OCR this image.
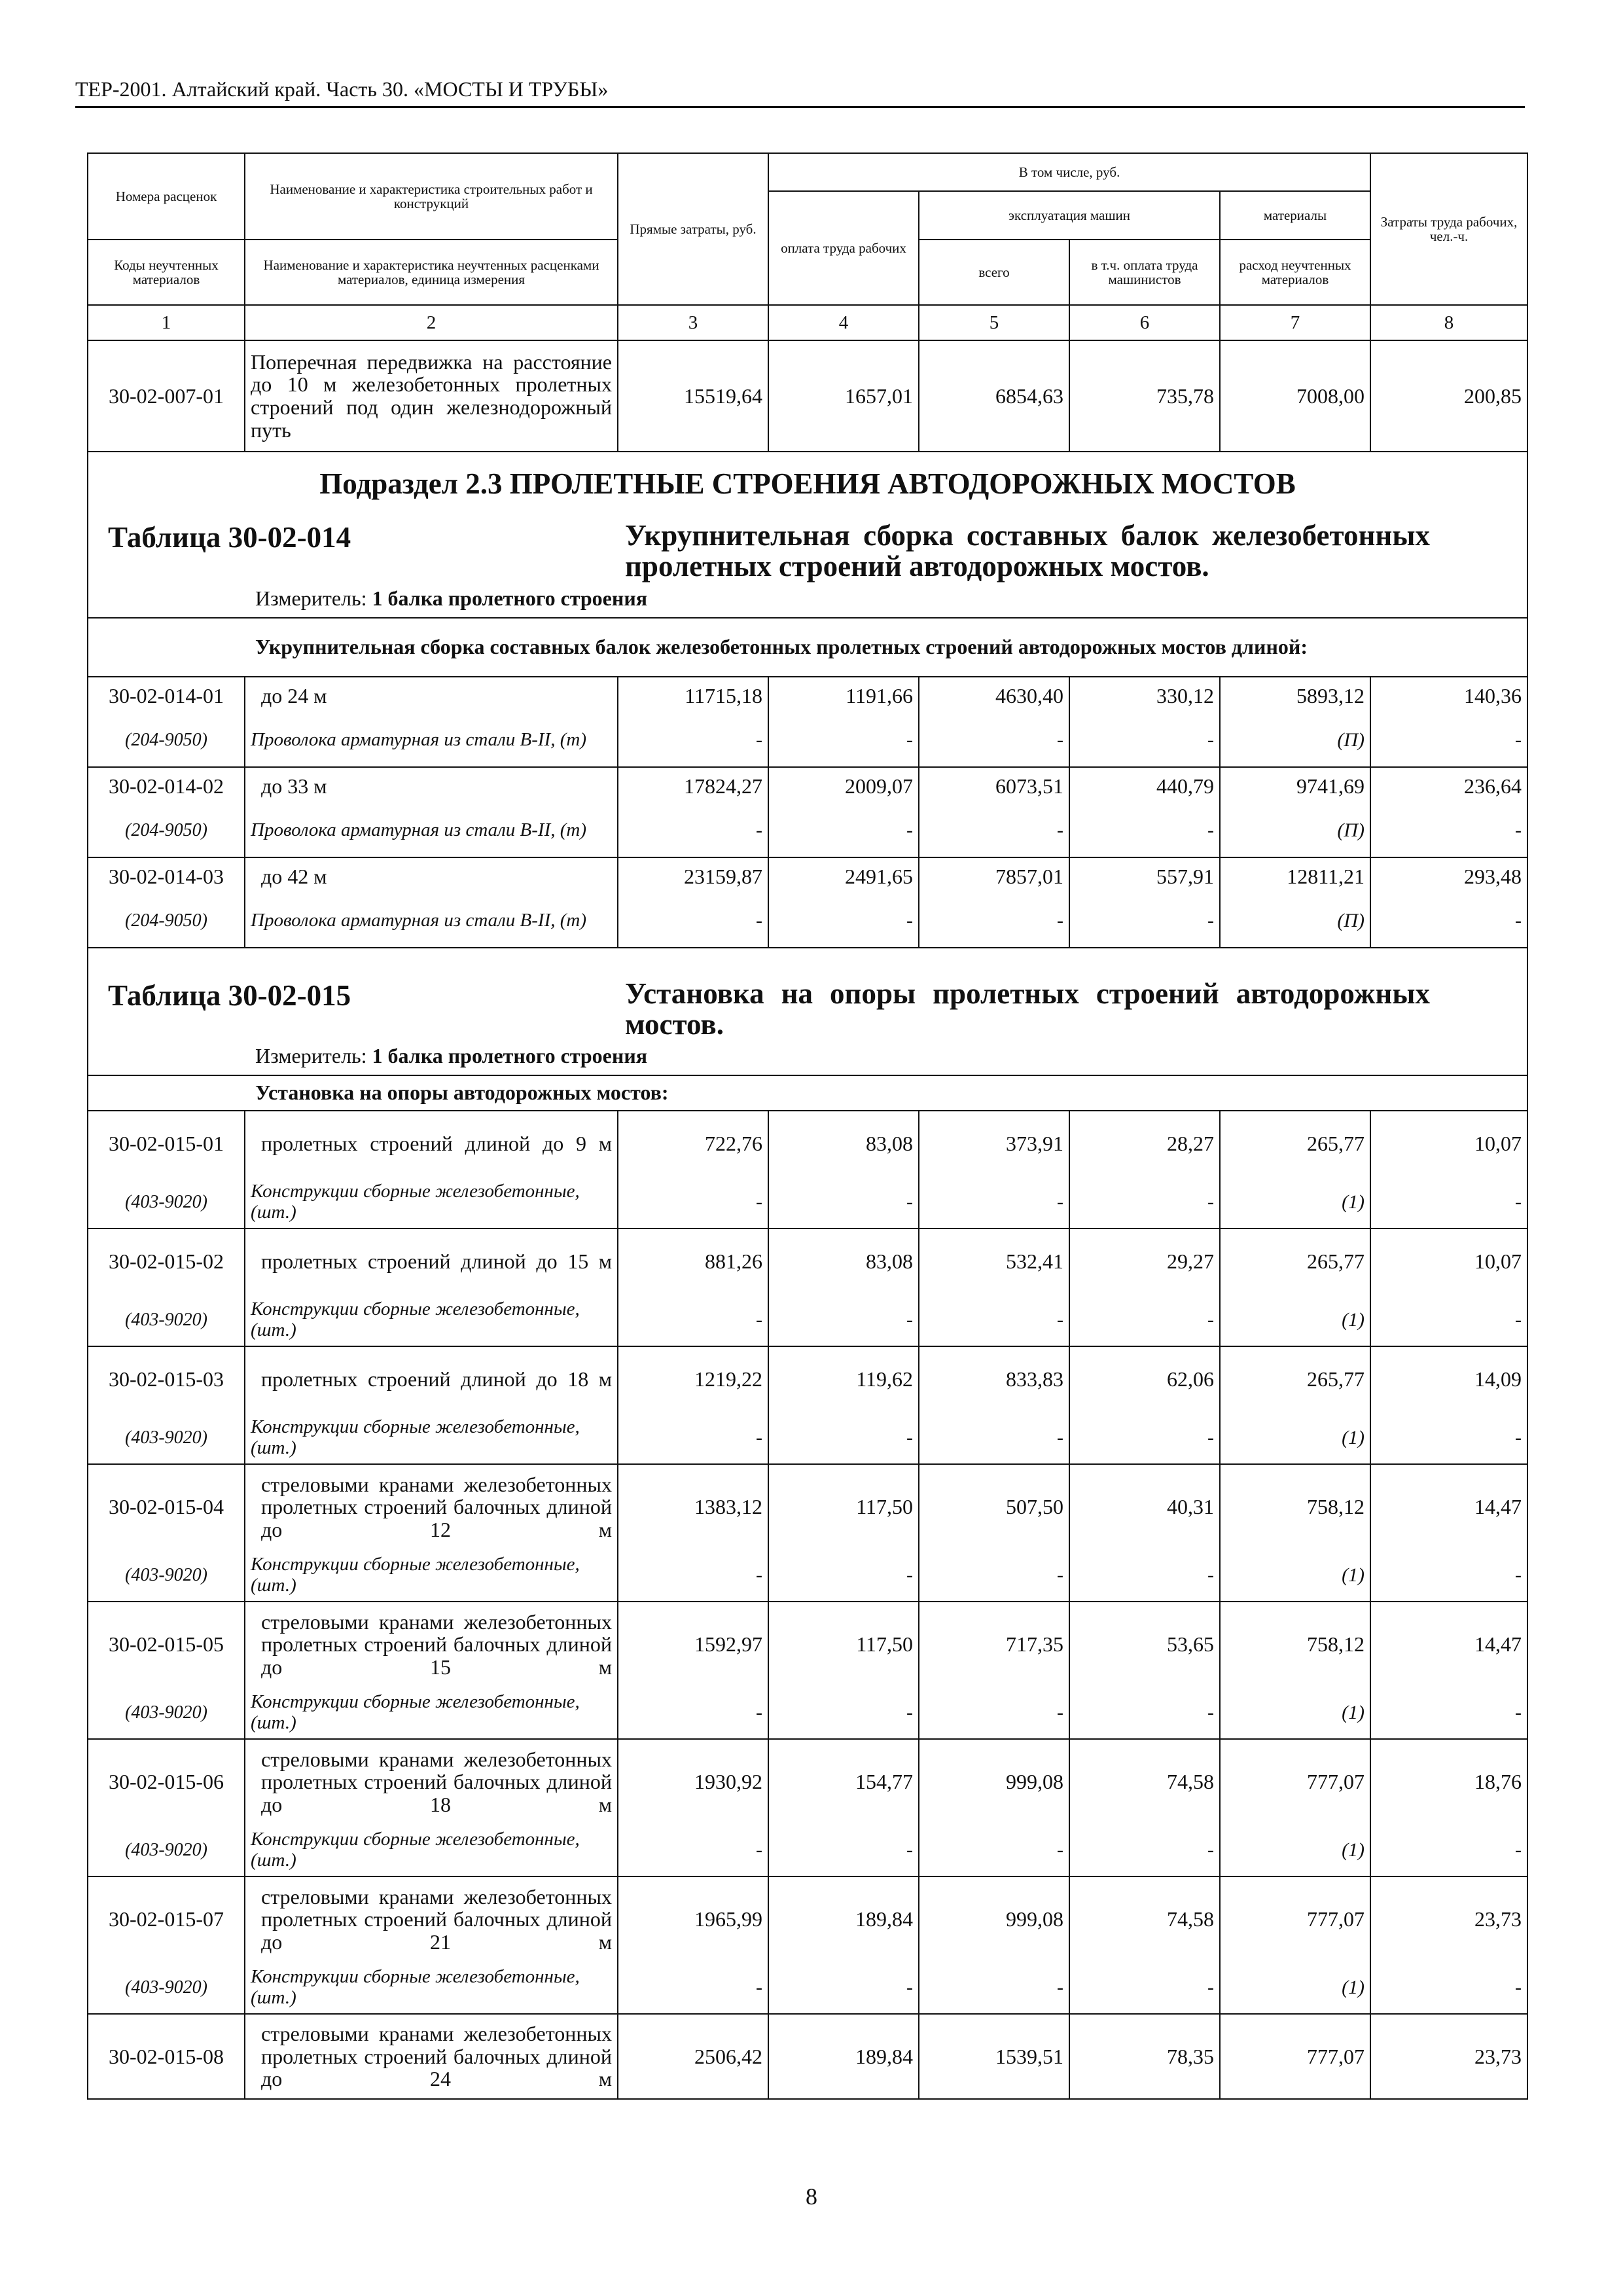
ТЕР-2001. Алтайский край. Часть 30. «МОСТЫ И ТРУБЫ»
Номера расценок	Наименование и характеристика строительных работ и конструкций	Прямые затраты, руб.	В том числе, руб.				Затраты труда рабочих, чел.-ч.
			оплата труда рабочих	эксплуатация машин		материалы	
Коды неучтенных материалов	Наименование и характеристика неучтенных расценками материалов, единица измерения			всего	в т.ч. оплата труда машинистов	расход неучтенных материалов	
1	2	3	4	5	6	7	8
30-02-007-01	Поперечная передвижка на расстояние до 10 м железобетонных пролетных строений под один железнодорожный путь	15519,64	1657,01	6854,63	735,78	7008,00	200,85
Подраздел 2.3 ПРОЛЕТНЫЕ СТРОЕНИЯ АВТОДОРОЖНЫХ МОСТОВ							

Таблица 30-02-014 Укрупнительная сборка составных балок железобетонных пролетных строений автодорожных мостов.							

Измеритель: 1 балка пролетного строения							
Укрупнительная сборка составных балок железобетонных пролетных строений автодорожных мостов длиной:							
30-02-014-01	до 24 м	11715,18	1191,66	4630,40	330,12	5893,12	140,36
(204-9050)	Проволока арматурная из стали В-II, (т)	-	-	-	-	(П)	-
30-02-014-02	до 33 м	17824,27	2009,07	6073,51	440,79	9741,69	236,64
(204-9050)	Проволока арматурная из стали В-II, (т)	-	-	-	-	(П)	-
30-02-014-03	до 42 м	23159,87	2491,65	7857,01	557,91	12811,21	293,48
(204-9050)	Проволока арматурная из стали В-II, (т)	-	-	-	-	(П)	-

Таблица 30-02-015 Установка на опоры пролетных строений автодорожных мостов.							

Измеритель: 1 балка пролетного строения							
Установка на опоры автодорожных мостов:							
30-02-015-01	пролетных строений длиной до 9 м	722,76	83,08	373,91	28,27	265,77	10,07
(403-9020)	Конструкции сборные железобетонные, (шт.)	-	-	-	-	(1)	-
30-02-015-02	пролетных строений длиной до 15 м	881,26	83,08	532,41	29,27	265,77	10,07
(403-9020)	Конструкции сборные железобетонные, (шт.)	-	-	-	-	(1)	-
30-02-015-03	пролетных строений длиной до 18 м	1219,22	119,62	833,83	62,06	265,77	14,09
(403-9020)	Конструкции сборные железобетонные, (шт.)	-	-	-	-	(1)	-
30-02-015-04	стреловыми кранами железобетонных пролетных строений балочных длиной до 12 м	1383,12	117,50	507,50	40,31	758,12	14,47
(403-9020)	Конструкции сборные железобетонные, (шт.)	-	-	-	-	(1)	-
30-02-015-05	стреловыми кранами железобетонных пролетных строений балочных длиной до 15 м	1592,97	117,50	717,35	53,65	758,12	14,47
(403-9020)	Конструкции сборные железобетонные, (шт.)	-	-	-	-	(1)	-
30-02-015-06	стреловыми кранами железобетонных пролетных строений балочных длиной до 18 м	1930,92	154,77	999,08	74,58	777,07	18,76
(403-9020)	Конструкции сборные железобетонные, (шт.)	-	-	-	-	(1)	-
30-02-015-07	стреловыми кранами железобетонных пролетных строений балочных длиной до 21 м	1965,99	189,84	999,08	74,58	777,07	23,73
(403-9020)	Конструкции сборные железобетонные, (шт.)	-	-	-	-	(1)	-
30-02-015-08	стреловыми кранами железобетонных пролетных строений балочных длиной до 24 м	2506,42	189,84	1539,51	78,35	777,07	23,73
8
